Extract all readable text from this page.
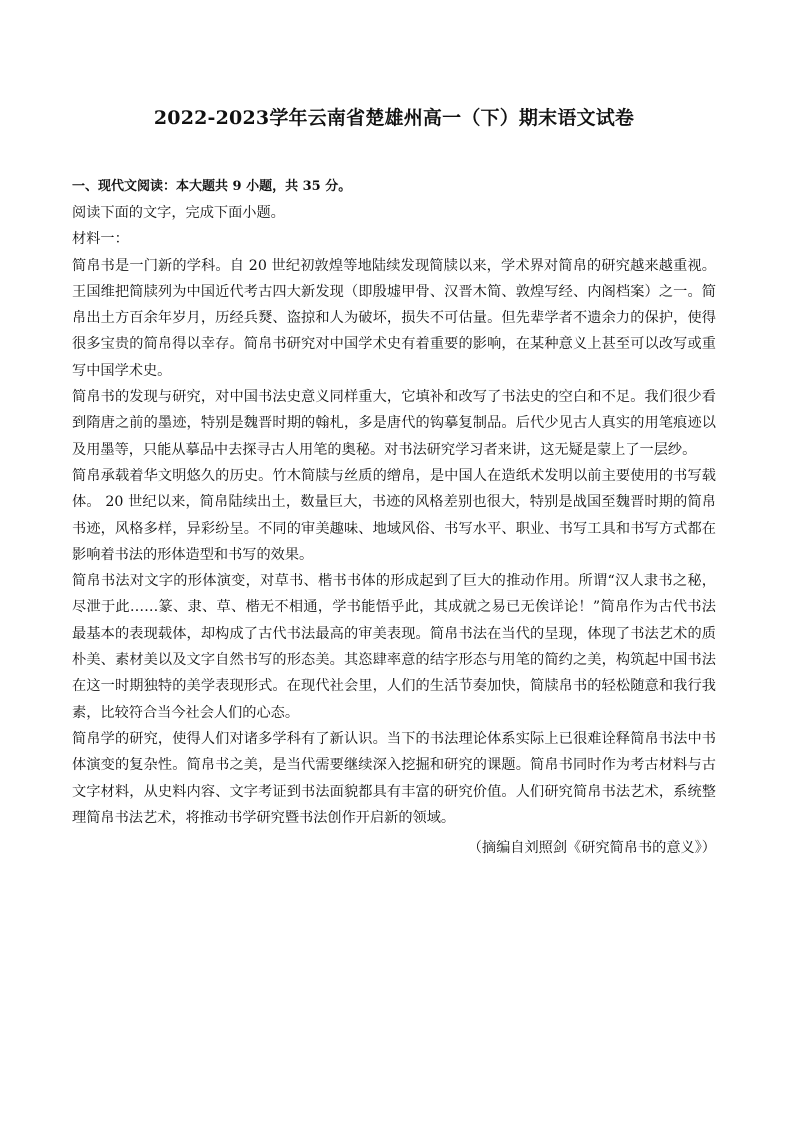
2022-2023学年云南省楚雄州高一（下）期末语文试卷

一、现代文阅读：本大题共 9 小题，共 35 分。

阅读下面的文字，完成下面小题。

材料一：

简帛书是一门新的学科。自 20 世纪初敦煌等地陆续发现简牍以来，学术界对简帛的研究越来越重视。王国维把简牍列为中国近代考古四大新发现（即殷墟甲骨、汉晋木简、敦煌写经、内阁档案）之一。简帛出土方百余年岁月，历经兵燹、盗掠和人为破坏，损失不可估量。但先辈学者不遗余力的保护，使得很多宝贵的简帛得以幸存。简帛书研究对中国学术史有着重要的影响，在某种意义上甚至可以改写或重写中国学术史。

简帛书的发现与研究，对中国书法史意义同样重大，它填补和改写了书法史的空白和不足。我们很少看到隋唐之前的墨迹，特别是魏晋时期的翰札，多是唐代的钩摹复制品。后代少见古人真实的用笔痕迹以及用墨等，只能从摹品中去探寻古人用笔的奥秘。对书法研究学习者来讲，这无疑是蒙上了一层纱。

简帛承载着华文明悠久的历史。竹木简牍与丝质的缯帛，是中国人在造纸术发明以前主要使用的书写载体。 20 世纪以来，简帛陆续出土，数量巨大，书迹的风格差别也很大，特别是战国至魏晋时期的简帛书迹，风格多样，异彩纷呈。不同的审美趣味、地域风俗、书写水平、职业、书写工具和书写方式都在影响着书法的形体造型和书写的效果。

简帛书法对文字的形体演变，对草书、楷书书体的形成起到了巨大的推动作用。所谓“汉人隶书之秘，尽泄于此……篆、隶、草、楷无不相通，学书能悟乎此，其成就之易已无俟详论！”简帛作为古代书法最基本的表现载体，却构成了古代书法最高的审美表现。简帛书法在当代的呈现，体现了书法艺术的质朴美、素材美以及文字自然书写的形态美。其恣肆率意的结字形态与用笔的简约之美，构筑起中国书法在这一时期独特的美学表现形式。在现代社会里，人们的生活节奏加快，简牍帛书的轻松随意和我行我素，比较符合当今社会人们的心态。

简帛学的研究，使得人们对诸多学科有了新认识。当下的书法理论体系实际上已很难诠释简帛书法中书体演变的复杂性。简帛书之美，是当代需要继续深入挖掘和研究的课题。简帛书同时作为考古材料与古文字材料，从史料内容、文字考证到书法面貌都具有丰富的研究价值。人们研究简帛书法艺术，系统整理简帛书法艺术，将推动书学研究暨书法创作开启新的领域。

（摘编自刘照剑《研究简帛书的意义》）
